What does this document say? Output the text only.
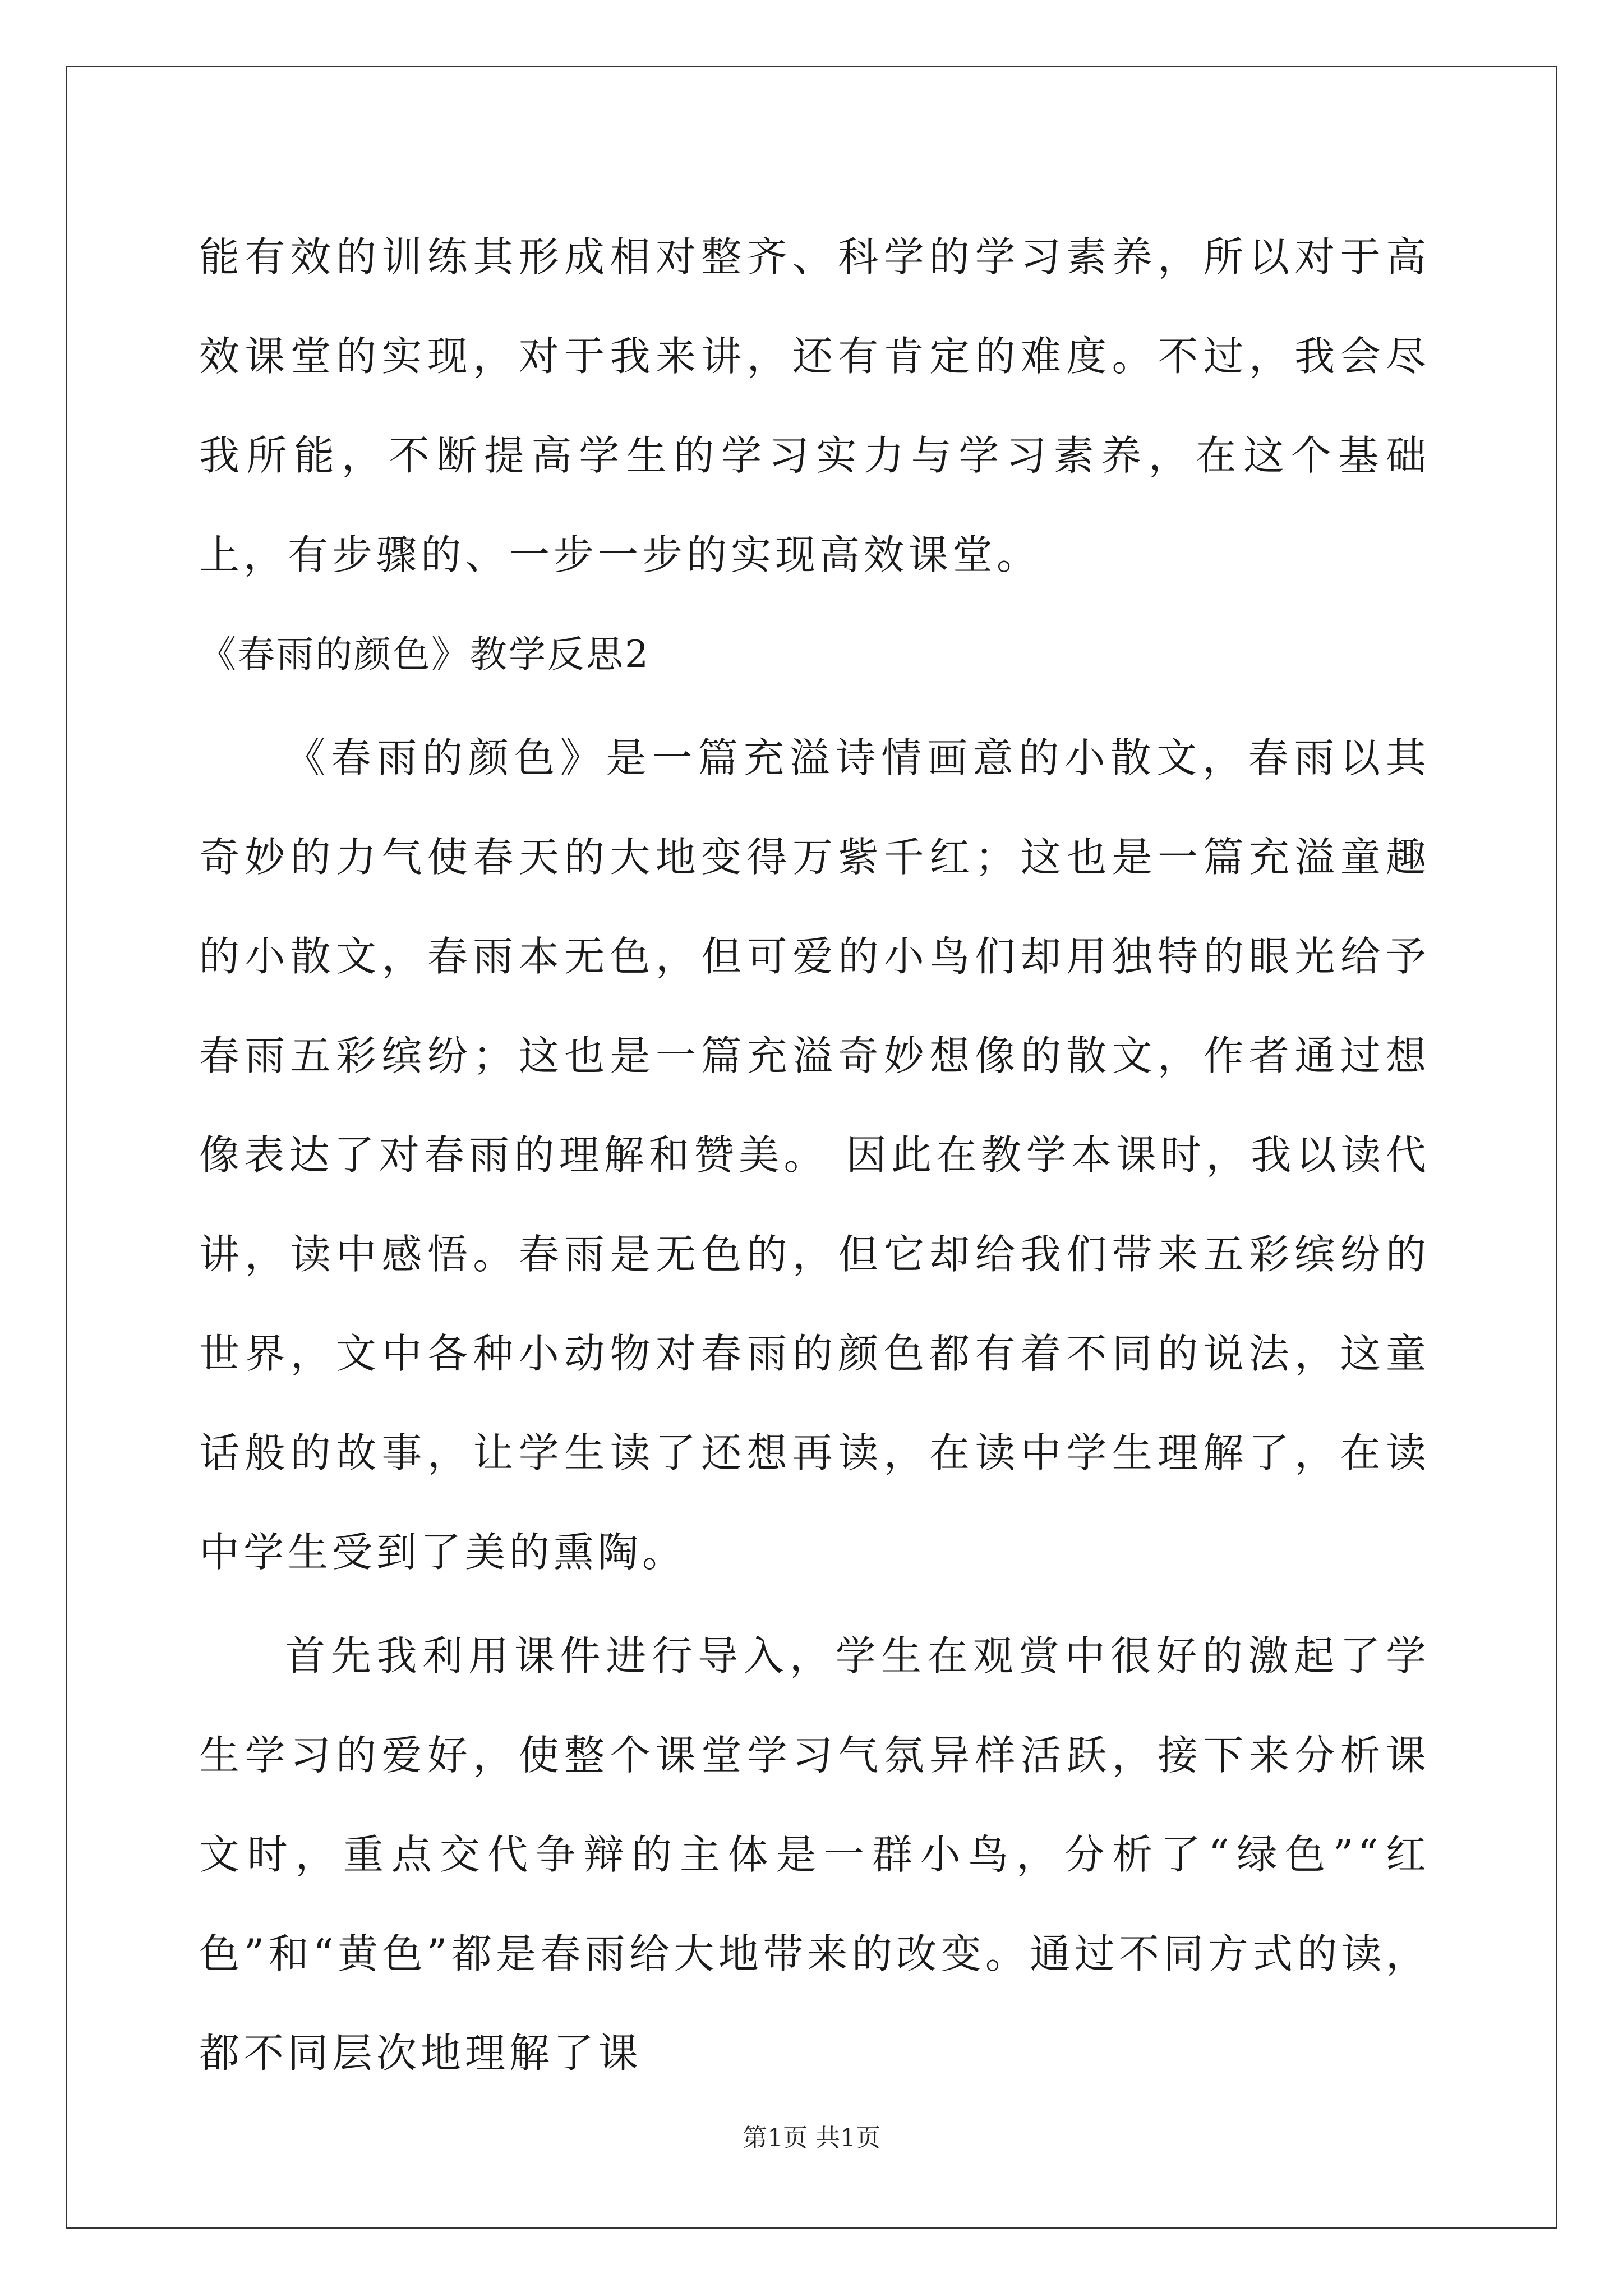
能有效的训练其形成相对整齐、科学的学习素养，所以对于高效课堂的实现，对于我来讲，还有肯定的难度。不过，我会尽我所能，不断提高学生的学习实力与学习素养，在这个基础上，有步骤的、一步一步的实现高效课堂。

《春雨的颜色》教学反思2

《春雨的颜色》是一篇充溢诗情画意的小散文，春雨以其奇妙的力气使春天的大地变得万紫千红；这也是一篇充溢童趣的小散文，春雨本无色，但可爱的小鸟们却用独特的眼光给予春雨五彩缤纷；这也是一篇充溢奇妙想像的散文，作者通过想像表达了对春雨的理解和赞美。 因此在教学本课时，我以读代讲，读中感悟。春雨是无色的，但它却给我们带来五彩缤纷的世界，文中各种小动物对春雨的颜色都有着不同的说法，这童话般的故事，让学生读了还想再读，在读中学生理解了，在读中学生受到了美的熏陶。

首先我利用课件进行导入，学生在观赏中很好的激起了学生学习的爱好，使整个课堂学习气氛异样活跃，接下来分析课文时，重点交代争辩的主体是一群小鸟，分析了“绿色”“红色”和“黄色”都是春雨给大地带来的改变。通过不同方式的读，都不同层次地理解了课

第1页 共1页
